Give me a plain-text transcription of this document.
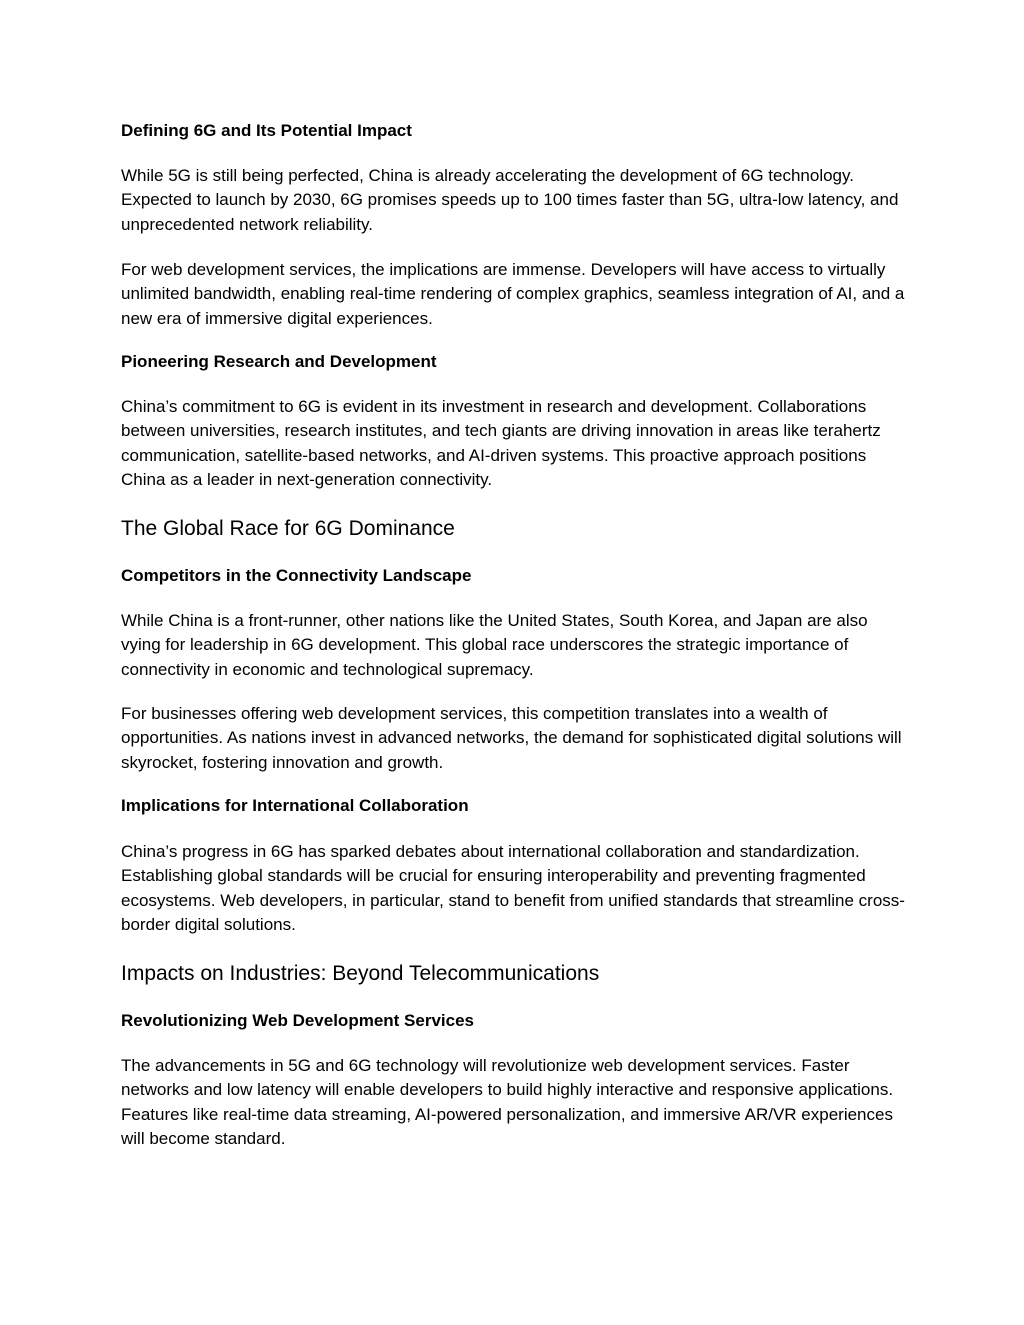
Defining 6G and Its Potential Impact

While 5G is still being perfected, China is already accelerating the development of 6G technology. Expected to launch by 2030, 6G promises speeds up to 100 times faster than 5G, ultra-low latency, and unprecedented network reliability.

For web development services, the implications are immense. Developers will have access to virtually unlimited bandwidth, enabling real-time rendering of complex graphics, seamless integration of AI, and a new era of immersive digital experiences.

Pioneering Research and Development

China’s commitment to 6G is evident in its investment in research and development. Collaborations between universities, research institutes, and tech giants are driving innovation in areas like terahertz communication, satellite-based networks, and AI-driven systems. This proactive approach positions China as a leader in next-generation connectivity.

The Global Race for 6G Dominance
Competitors in the Connectivity Landscape

While China is a front-runner, other nations like the United States, South Korea, and Japan are also vying for leadership in 6G development. This global race underscores the strategic importance of connectivity in economic and technological supremacy.

For businesses offering web development services, this competition translates into a wealth of opportunities. As nations invest in advanced networks, the demand for sophisticated digital solutions will skyrocket, fostering innovation and growth.

Implications for International Collaboration

China’s progress in 6G has sparked debates about international collaboration and standardization. Establishing global standards will be crucial for ensuring interoperability and preventing fragmented ecosystems. Web developers, in particular, stand to benefit from unified standards that streamline cross-border digital solutions.

Impacts on Industries: Beyond Telecommunications
Revolutionizing Web Development Services

The advancements in 5G and 6G technology will revolutionize web development services. Faster networks and low latency will enable developers to build highly interactive and responsive applications. Features like real-time data streaming, AI-powered personalization, and immersive AR/VR experiences will become standard.
